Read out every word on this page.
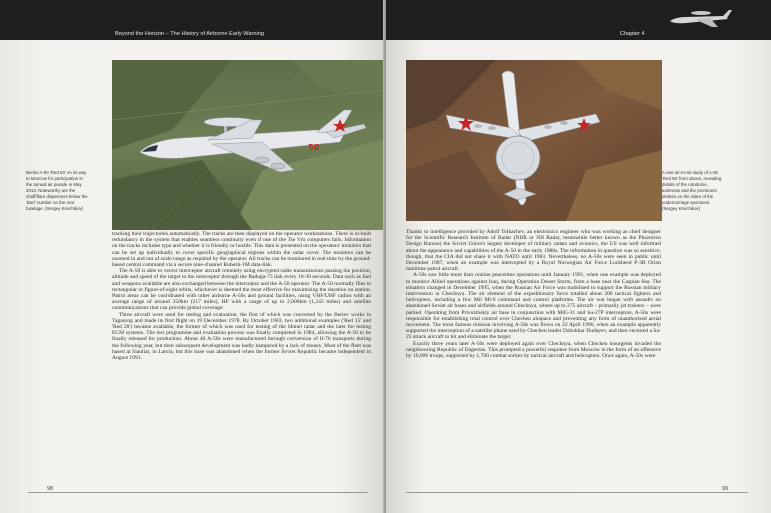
Beyond the Horizon – The History of Airborne Early Warning
50
Beriev A-50 'Red 50' on its way to Moscow for participation in the annual air parade in May 2013. Noteworthy are the chaff/flare dispensers below the 'Burt' number on the rear fuselage. (Sergey Krivchikov)

tracking their trajectories automatically. The tracks are then displayed on the operator workstations. There is in-built redundancy in the system that enables seamless continuity even if one of the Tse Vm computers fails. Information on the tracks includes type and whether it is friendly or hostile. This data is presented on the operators' monitors that can be set up individually to cover specific geographical regions within the radar cover. The monitors can be zoomed in and out of scale range as required by the operator. All tracks can be monitored in real time by the ground-based central command via a secure nine-channel Rubezh-1M data-link.

The A-50 is able to vector interceptor aircraft remotely using encrypted radio transmissions passing the position, altitude and speed of the target to the interceptor through the Raduga-75 link every 10-30 seconds. Data such as fuel and weapons available are also exchanged between the interceptor and the A-50 operator. The A-50 normally flies in rectangular or figure-of-eight orbits, whichever is deemed the most effective for maximising the duration on station. Patrol areas can be coordinated with other airborne A-50s and ground facilities, using VHF/UHF radios with an average range of around 350km (217 miles), HF with a range of up to 2,000km (1,243 miles) and satellite communications that can provide global coverage.

Three aircraft were used for testing and evaluation, the first of which was converted by the Beriev works in Taganrog and made its first flight on 19 December 1978. By October 1983, two additional examples ('Red 15' and 'Red 20') became available, the former of which was used for testing of the Shmel radar and the later for testing ECM systems. The test programme and evaluation process was finally completed in 1984, allowing the A-50 to be finally released for production. About 40 A-50s were manufactured through conversion of Il-76 transports during the following year, but their subsequent development was badly hampered by a lack of money. Most of the fleet was based at Siauliai, in Latvia, but this base was abandoned when the former Soviet Republic became independent in August 1991.

98
Chapter 4
A rare air-to-air study of A-50 'Red 50' from above, revealing details of the rotodome, antennas and the prominent strakes on the sides of the undercarriage sponsons. (Sergey Krivchikov)

Thanks to intelligence provided by Adolf Tolkachev, an electronics engineer who was working as chief designer for the Scientific Research Institute of Radar (NIIR or NII Radar, meanwhile better known as the Phazotron Design Bureau) the Soviet Union's largest developer of military radars and avionics, the US was well informed about the appearance and capabilities of the A-50 in the early 1980s. The information in question was so sensitive, though, that the CIA did not share it with NATO until 1983. Nevertheless, no A-50s were seen in public until December 1987, when an example was intercepted by a Royal Norwegian Air Force Lockheed P-3B Orion maritime patrol aircraft.

A-50s saw little more than routine peacetime operations until January 1991, when one example was deployed to monitor Allied operations against Iraq, during Operation Desert Storm, from a base near the Caspian Sea. The situation changed in December 1995, when the Russian Air Force was mobilised to support the Russian military intervention in Chechnya. The air element of the expeditionary force totalled about 200 tactical fighters and helicopters, including a few Mil Mi-9 command and control platforms. The air war began with assaults on abandoned Soviet air bases and airfields around Chechnya, where up to 275 aircraft – primarily jet trainers – were parked. Operating from Privolzhskiy air base in conjunction with MiG-31 and Su-27P interceptors, A-50s were responsible for establishing total control over Chechen airspace and preventing any form of unauthorised aerial movement. The most famous mission involving A-50s was flown on 22 April 1996, when an example apparently supported the interception of a satellite phone used by Chechen leader Dzhokhar Dudayev, and then vectored a Su-25 attack aircraft to hit and eliminate the target.

Exactly three years later A-50s were deployed again over Chechnya, when Chechen insurgents invaded the neighbouring Republic of Dagestan. This prompted a powerful response from Moscow in the form of an offensive by 10,000 troops, supported by 1,700 combat sorties by tactical aircraft and helicopters. Once again, A-50s were

99
